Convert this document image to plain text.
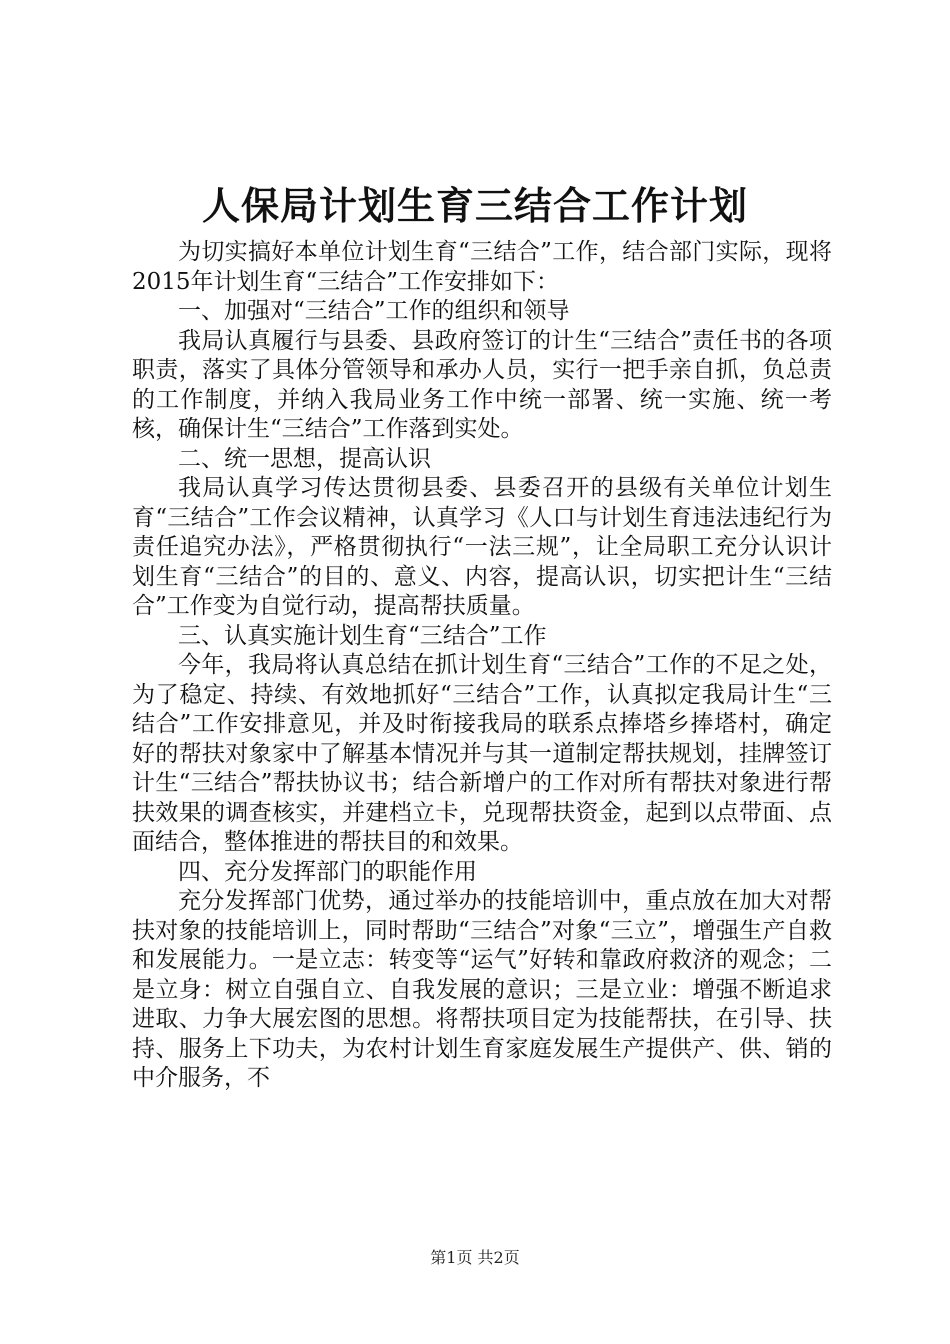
人保局计划生育三结合工作计划

为切实搞好本单位计划生育“三结合”工作，结合部门实际，现将2015年计划生育“三结合”工作安排如下：

一、加强对“三结合”工作的组织和领导

我局认真履行与县委、县政府签订的计生“三结合”责任书的各项职责，落实了具体分管领导和承办人员，实行一把手亲自抓，负总责的工作制度，并纳入我局业务工作中统一部署、统一实施、统一考核，确保计生“三结合”工作落到实处。

二、统一思想，提高认识

我局认真学习传达贯彻县委、县委召开的县级有关单位计划生育“三结合”工作会议精神，认真学习《人口与计划生育违法违纪行为责任追究办法》，严格贯彻执行“一法三规”，让全局职工充分认识计划生育“三结合”的目的、意义、内容，提高认识，切实把计生“三结合”工作变为自觉行动，提高帮扶质量。

三、认真实施计划生育“三结合”工作

今年，我局将认真总结在抓计划生育“三结合”工作的不足之处，为了稳定、持续、有效地抓好“三结合”工作，认真拟定我局计生“三结合”工作安排意见，并及时衔接我局的联系点捧塔乡捧塔村，确定好的帮扶对象家中了解基本情况并与其一道制定帮扶规划，挂牌签订计生“三结合”帮扶协议书；结合新增户的工作对所有帮扶对象进行帮扶效果的调查核实，并建档立卡，兑现帮扶资金，起到以点带面、点面结合，整体推进的帮扶目的和效果。

四、充分发挥部门的职能作用

充分发挥部门优势，通过举办的技能培训中，重点放在加大对帮扶对象的技能培训上，同时帮助“三结合”对象“三立”，增强生产自救和发展能力。一是立志：转变等“运气”好转和靠政府救济的观念；二是立身：树立自强自立、自我发展的意识；三是立业：增强不断追求进取、力争大展宏图的思想。将帮扶项目定为技能帮扶，在引导、扶持、服务上下功夫，为农村计划生育家庭发展生产提供产、供、销的中介服务，不

第1页 共2页
